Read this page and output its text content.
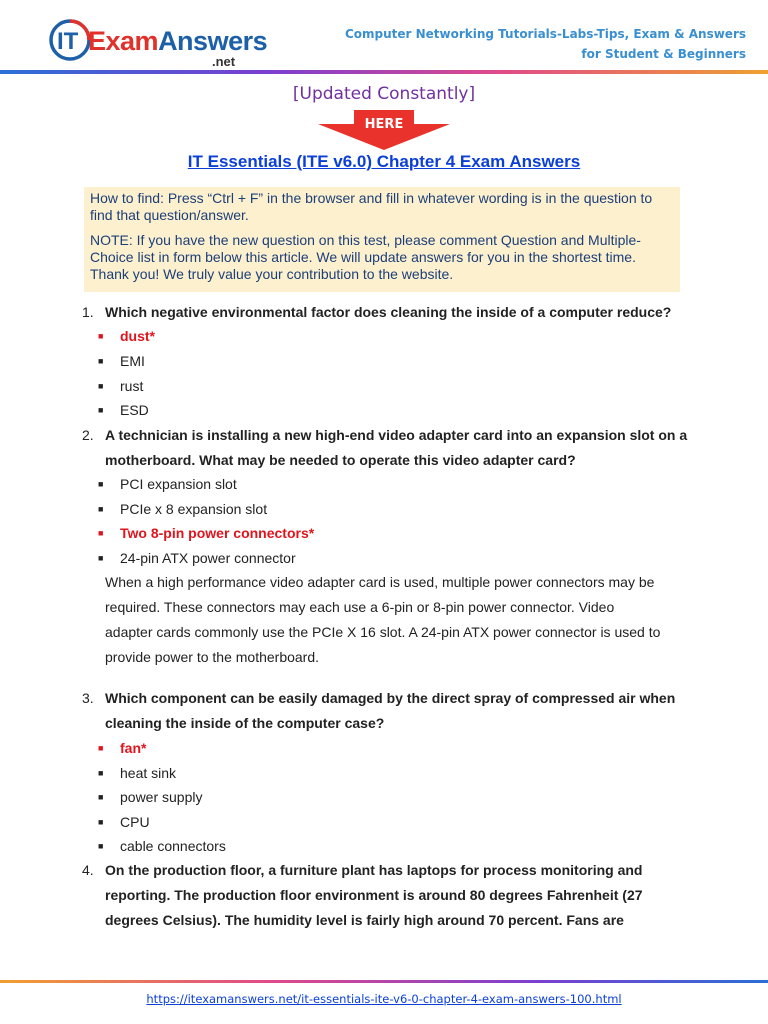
IT ExamAnswers
.net
Computer Networking Tutorials-Labs-Tips, Exam & Answers
for Student & Beginners
[Updated Constantly]
HERE
IT Essentials (ITE v6.0) Chapter 4 Exam Answers

How to find: Press “Ctrl + F” in the browser and fill in whatever wording is in the question to find that question/answer.

NOTE: If you have the new question on this test, please comment Question and Multiple-Choice list in form below this article. We will update answers for you in the shortest time. Thank you! We truly value your contribution to the website.

1. Which negative environmental factor does cleaning the inside of a computer reduce?
■ dust*
■ EMI
■ rust
■ ESD
2. A technician is installing a new high-end video adapter card into an expansion slot on a motherboard. What may be needed to operate this video adapter card?
■ PCI expansion slot
■ PCIe x 8 expansion slot
■ Two 8-pin power connectors*
■ 24-pin ATX power connector
When a high performance video adapter card is used, multiple power connectors may be required. These connectors may each use a 6-pin or 8-pin power connector. Video adapter cards commonly use the PCIe X 16 slot. A 24-pin ATX power connector is used to provide power to the motherboard.
3. Which component can be easily damaged by the direct spray of compressed air when cleaning the inside of the computer case?
■ fan*
■ heat sink
■ power supply
■ CPU
■ cable connectors
4. On the production floor, a furniture plant has laptops for process monitoring and reporting. The production floor environment is around 80 degrees Fahrenheit (27 degrees Celsius). The humidity level is fairly high around 70 percent. Fans are
https://itexamanswers.net/it-essentials-ite-v6-0-chapter-4-exam-answers-100.html
